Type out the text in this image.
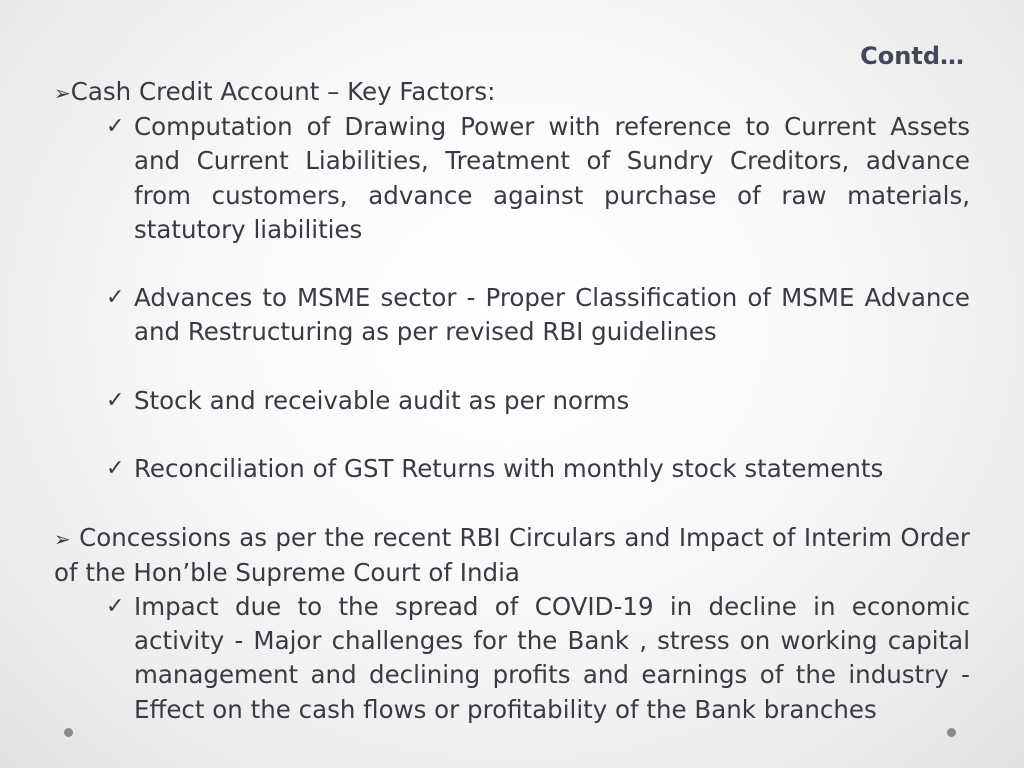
Contd…

➢Cash Credit Account – Key Factors:

✓ Computation of Drawing Power with reference to Current Assets and Current Liabilities, Treatment of Sundry Creditors, advance from customers, advance against purchase of raw materials, statutory liabilities

✓ Advances to MSME sector - Proper Classification of MSME Advance and Restructuring as per revised RBI guidelines

✓ Stock and receivable audit as per norms

✓ Reconciliation of GST Returns with monthly stock statements

➢ Concessions as per the recent RBI Circulars and Impact of Interim Order of the Hon’ble Supreme Court of India

✓ Impact due to the spread of COVID-19 in decline in economic activity - Major challenges for the Bank , stress on working capital management and declining profits and earnings of the industry - Effect on the cash flows or profitability of the Bank branches
